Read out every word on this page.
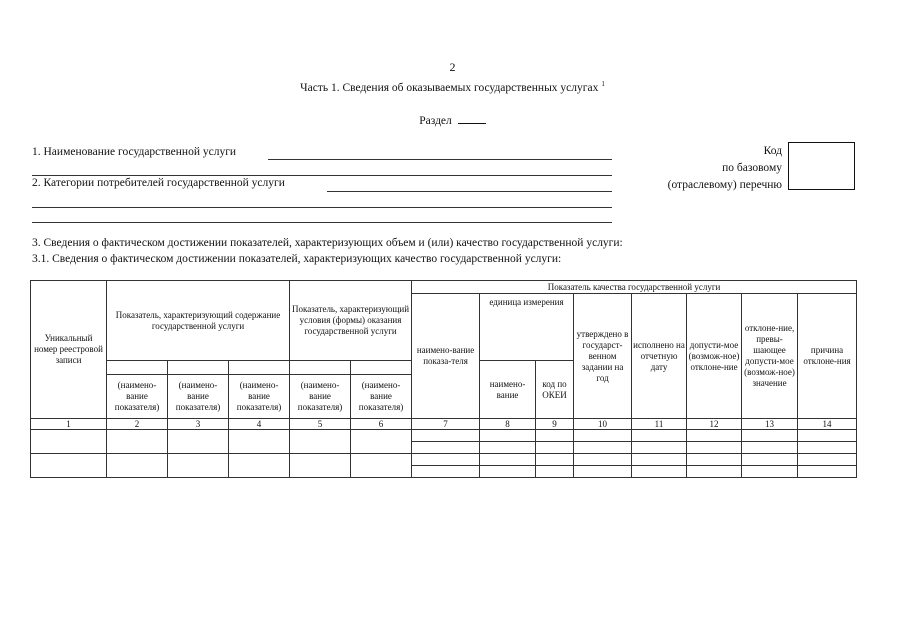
2
Часть 1. Сведения об оказываемых государственных услугах $^1$
Раздел
1. Наименование государственной услуги
2. Категории потребителей государственной услуги
Код
по базовому
(отраслевому) перечню
3. Сведения о фактическом достижении показателей, характеризующих объем и (или) качество государственной услуги:
3.1. Сведения о фактическом достижении показателей, характеризующих качество государственной услуги:
Уникальный номер реестровой записи	Показатель, характеризующий содержание государственной услуги			Показатель, характеризующий условия (формы) оказания государственной услуги		Показатель качества государственной услуги							
						наимено-вание показа-теля	единица измерения		утверждено в государст-венном задании на год	исполнено на отчетную дату	допусти-мое (возмож-ное) отклоне-ние	отклоне-ние, превы-шающее допусти-мое (возмож-ное) значение	причина отклоне-ния
							наимено-вание	код по ОКЕИ					
	(наимено-вание показателя)	(наимено-вание показателя)	(наимено-вание показателя)	(наимено-вание показателя)	(наимено-вание показателя)								
1	2	3	4	5	6	7	8	9	10	11	12	13	14
